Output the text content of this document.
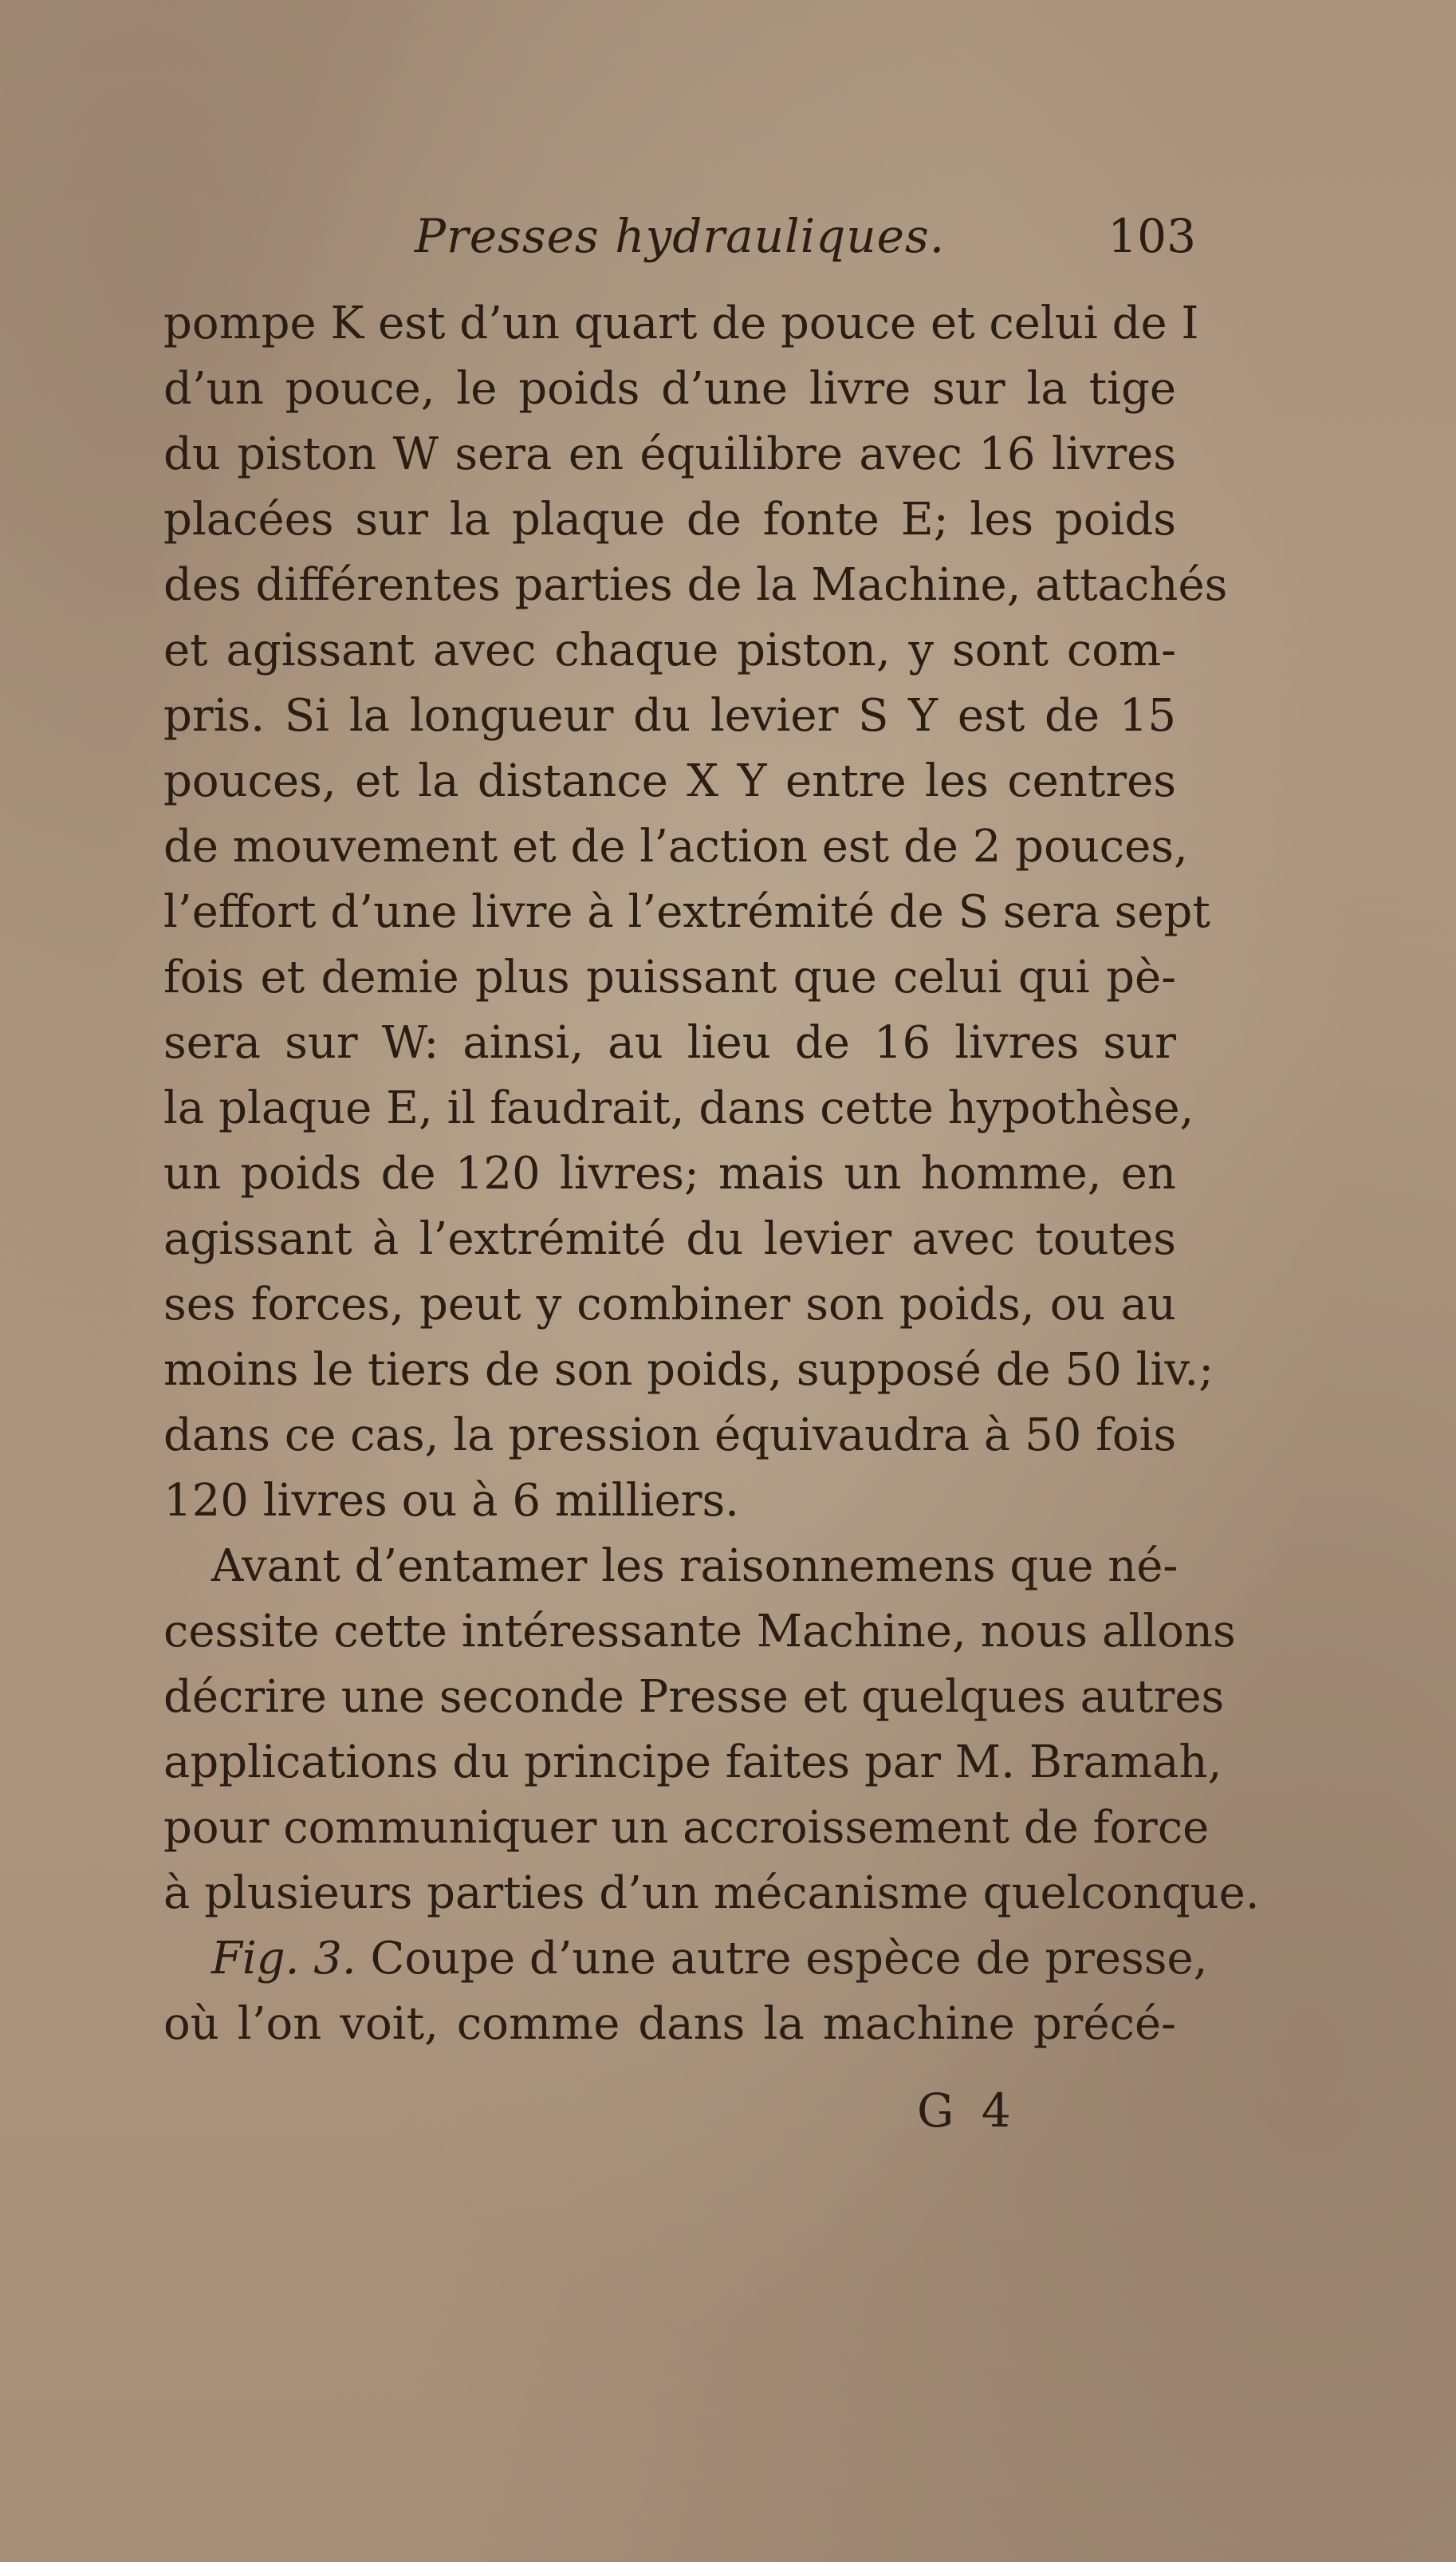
Presses hydrauliques.	103

pompe K est d’un quart de pouce et celui de I

d’un pouce, le poids d’une livre sur la tige

du piston W sera en équilibre avec 16 livres

placées sur la plaque de fonte E; les poids

des différentes parties de la Machine, attachés

et agissant avec chaque piston, y sont com-

pris. Si la longueur du levier S Y est de 15

pouces, et la distance X Y entre les centres

de mouvement et de l’action est de 2 pouces,

l’effort d’une livre à l’extrémité de S sera sept

fois et demie plus puissant que celui qui pè-

sera sur W: ainsi, au lieu de 16 livres sur

la plaque E, il faudrait, dans cette hypothèse,

un poids de 120 livres; mais un homme, en

agissant à l’extrémité du levier avec toutes

ses forces, peut y combiner son poids, ou au

moins le tiers de son poids, supposé de 50 liv.;

dans ce cas, la pression équivaudra à 50 fois

120 livres ou à 6 milliers.

Avant d’entamer les raisonnemens que né-

cessite cette intéressante Machine, nous allons

décrire une seconde Presse et quelques autres

applications du principe faites par M. Bramah,

pour communiquer un accroissement de force

à plusieurs parties d’un mécanisme quelconque.

Fig. 3. Coupe d’une autre espèce de presse,

où l’on voit, comme dans la machine précé-

G 4
